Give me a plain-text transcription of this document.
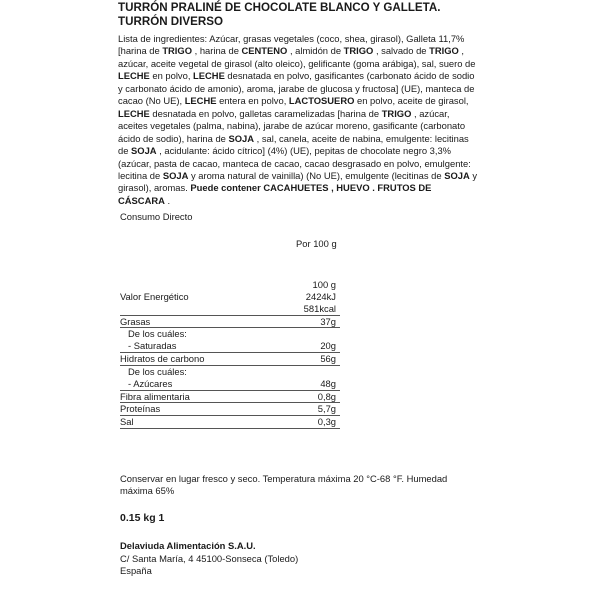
TURRÓN PRALINÉ DE CHOCOLATE BLANCO Y GALLETA.
TURRÓN DIVERSO
Lista de ingredientes: Azúcar, grasas vegetales (coco, shea, girasol), Galleta 11,7% [harina de TRIGO , harina de CENTENO , almidón de TRIGO , salvado de TRIGO , azúcar, aceite vegetal de girasol (alto oleico), gelificante (goma arábiga), sal, suero de LECHE en polvo, LECHE desnatada en polvo, gasificantes (carbonato ácido de sodio y carbonato ácido de amonio), aroma, jarabe de glucosa y fructosa] (UE), manteca de cacao (No UE), LECHE entera en polvo, LACTOSUERO en polvo, aceite de girasol, LECHE desnatada en polvo, galletas caramelizadas [harina de TRIGO , azúcar, aceites vegetales (palma, nabina), jarabe de azúcar moreno, gasificante (carbonato ácido de sodio), harina de SOJA , sal, canela, aceite de nabina, emulgente: lecitinas de SOJA , acidulante: ácido cítrico] (4%) (UE), pepitas de chocolate negro 3,3% (azúcar, pasta de cacao, manteca de cacao, cacao desgrasado en polvo, emulgente: lecitina de SOJA y aroma natural de vainilla) (No UE), emulgente (lecitinas de SOJA y girasol), aromas. Puede contener CACAHUETES , HUEVO . FRUTOS DE CÁSCARA .
Consumo Directo
Por 100 g
100 g
Valor Energético	2424kJ
581kcal
Grasas	37g
De los cuáles:
- Saturadas	20g
Hidratos de carbono	56g
De los cuáles:
- Azúcares	48g
Fibra alimentaria	0,8g
Proteínas	5,7g
Sal	0,3g
Conservar en lugar fresco y seco. Temperatura máxima 20 °C-68 °F. Humedad máxima 65%
0.15 kg 1
Delaviuda Alimentación S.A.U.
C/ Santa María, 4 45100-Sonseca (Toledo)
España
